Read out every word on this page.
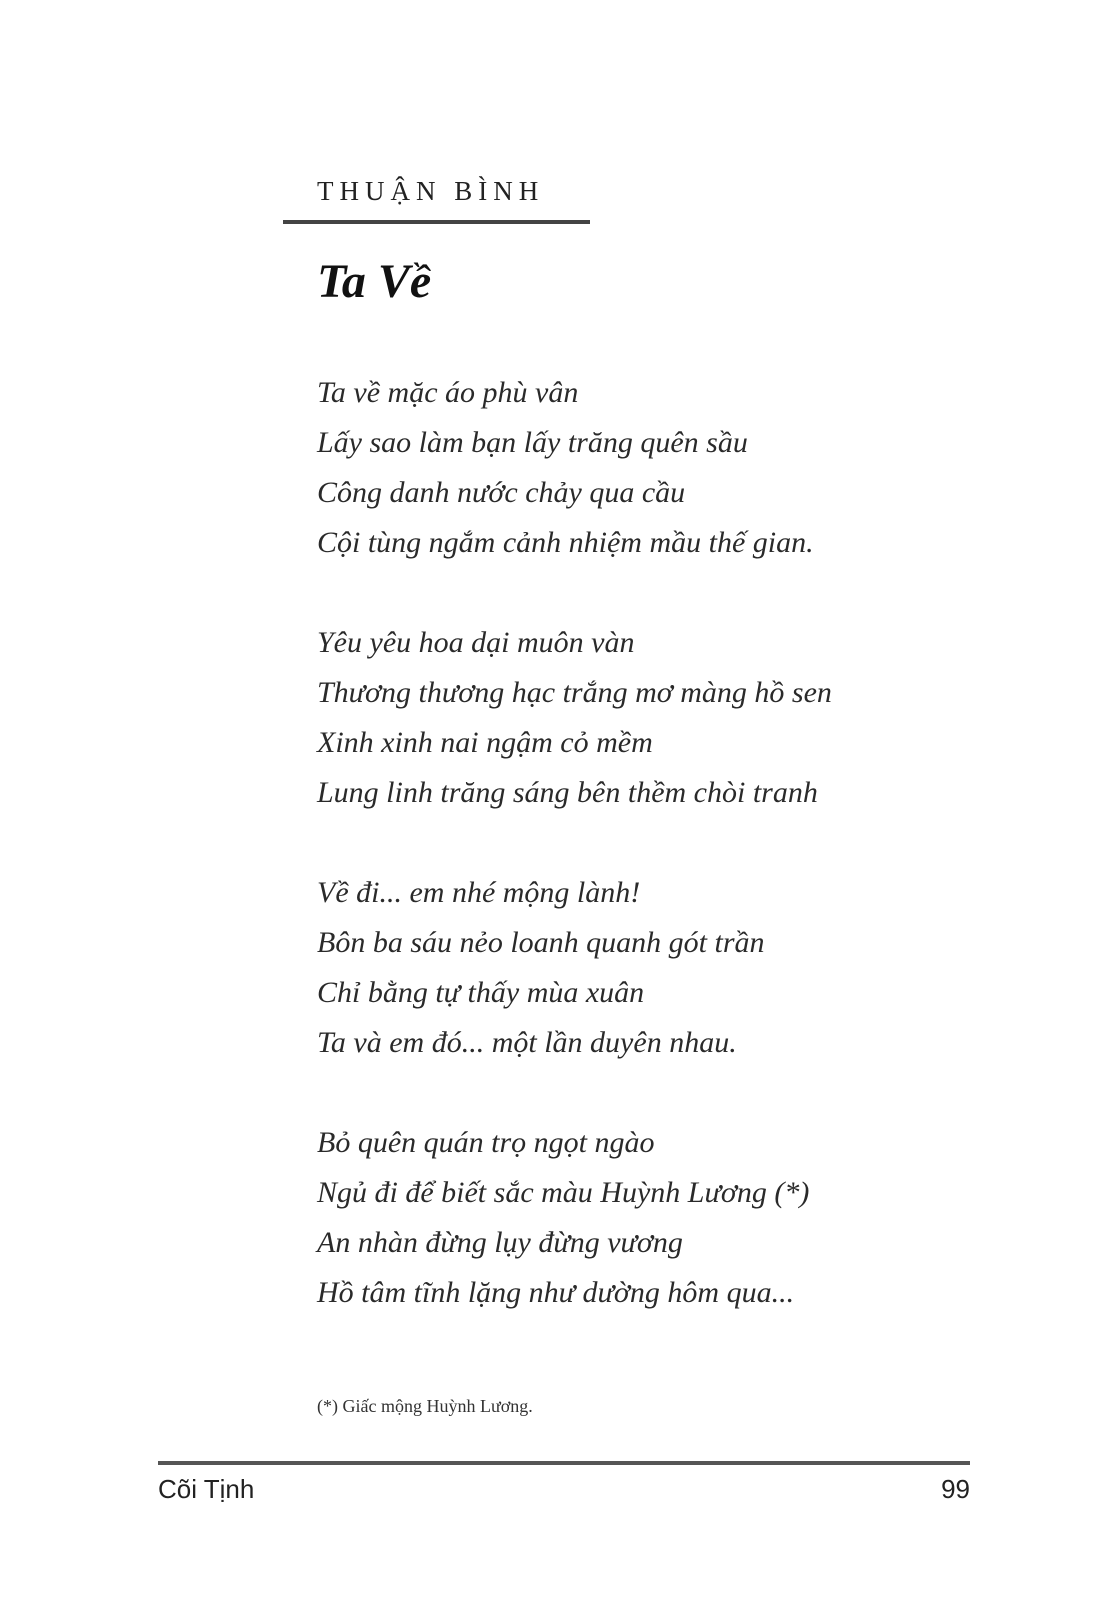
THUẬN BÌNH
Ta Về
Ta về mặc áo phù vân
Lấy sao làm bạn lấy trăng quên sầu
Công danh nước chảy qua cầu
Cội tùng ngắm cảnh nhiệm mầu thế gian.
Yêu yêu hoa dại muôn vàn
Thương thương hạc trắng mơ màng hồ sen
Xinh xinh nai ngậm cỏ mềm
Lung linh trăng sáng bên thềm chòi tranh
Về đi... em nhé mộng lành!
Bôn ba sáu nẻo loanh quanh gót trần
Chỉ bằng tự thấy mùa xuân
Ta và em đó... một lần duyên nhau.
Bỏ quên quán trọ ngọt ngào
Ngủ đi để biết sắc màu Huỳnh Lương (*)
An nhàn đừng lụy đừng vương
Hồ tâm tĩnh lặng như dường hôm qua...
(*) Giấc mộng Huỳnh Lương.
Cõi Tịnh	99
